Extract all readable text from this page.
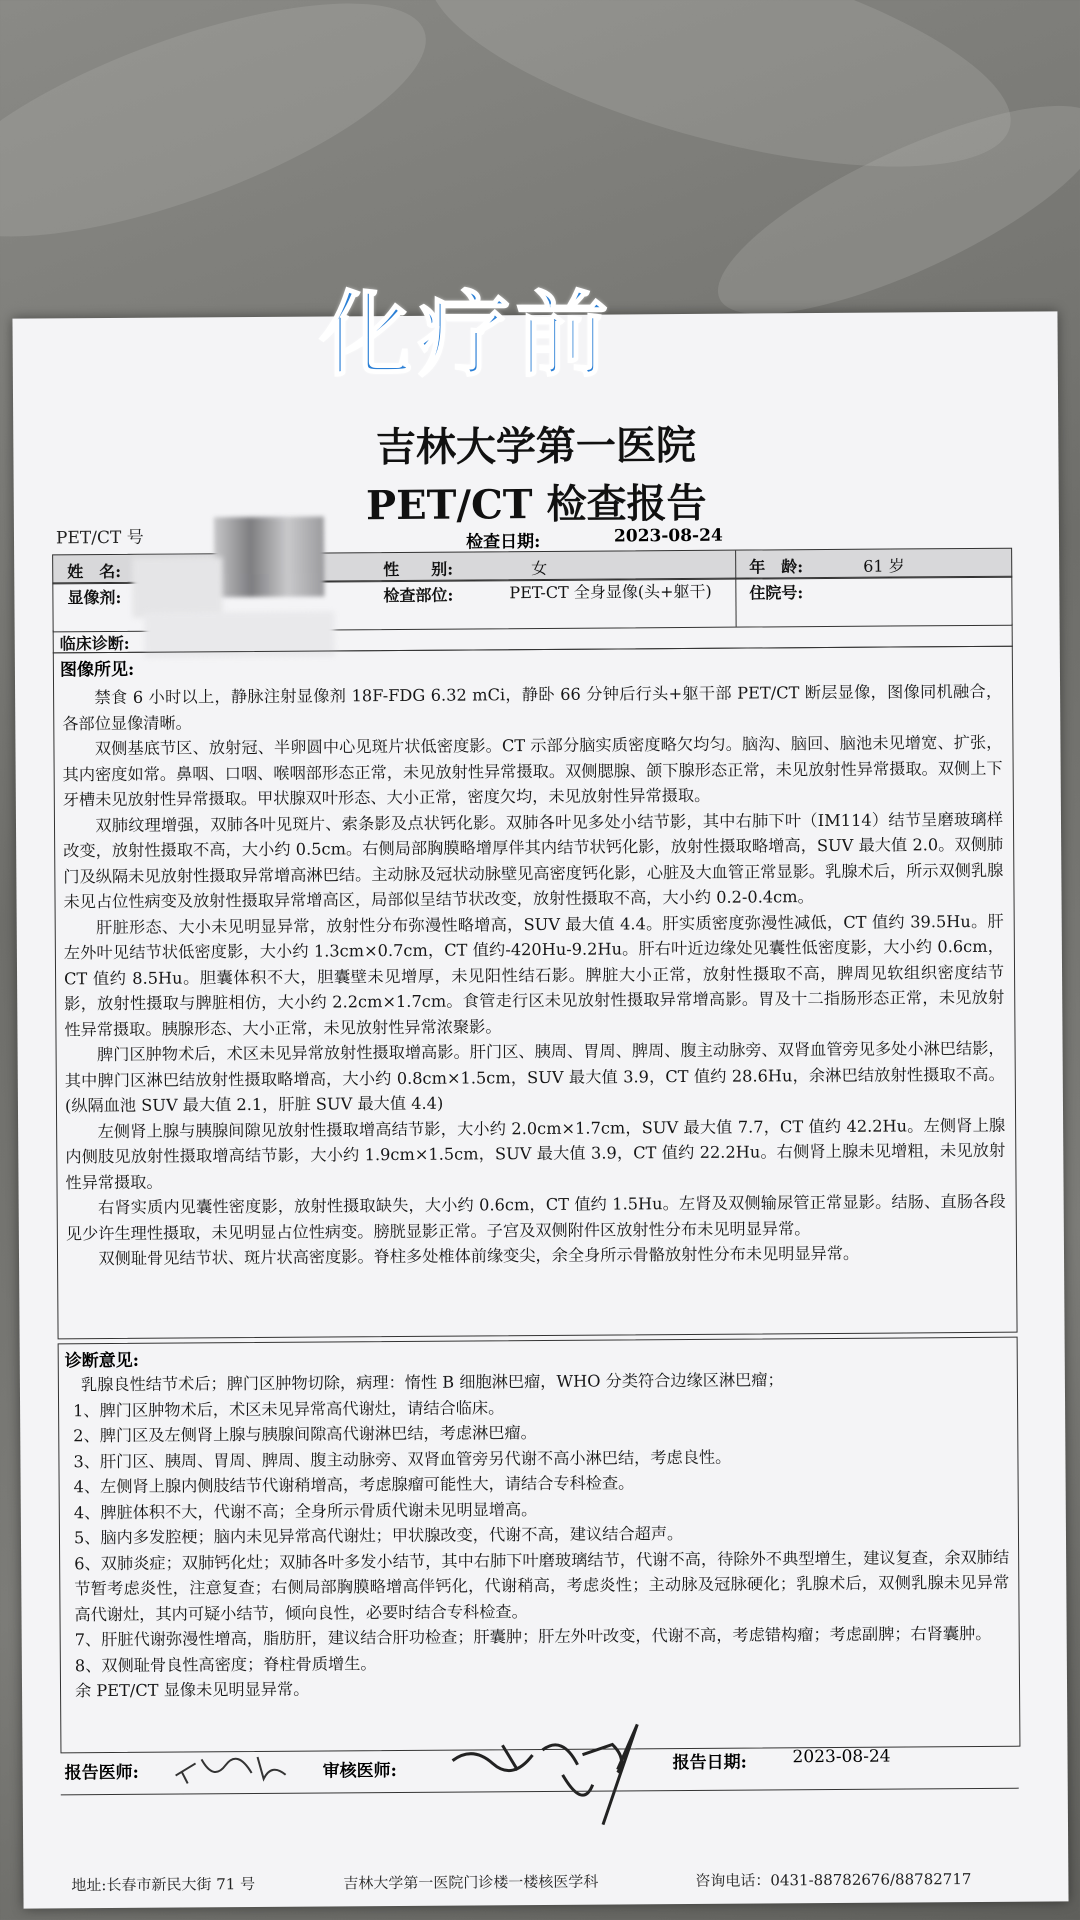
吉林大学第一医院
PET/CT 检查报告
PET/CT 号	检查日期:	2023-08-24
姓　名:	性　　别:	女	年　龄:	61 岁
显像剂:	检查部位:	PET-CT 全身显像(头+躯干)	住院号:
临床诊断:
图像所见:

禁食 6 小时以上，静脉注射显像剂 18F-FDG 6.32 mCi，静卧 66 分钟后行头+躯干部 PET/CT 断层显像，图像同机融合，各部位显像清晰。

双侧基底节区、放射冠、半卵圆中心见斑片状低密度影。CT 示部分脑实质密度略欠均匀。脑沟、脑回、脑池未见增宽、扩张，其内密度如常。鼻咽、口咽、喉咽部形态正常，未见放射性异常摄取。双侧腮腺、颌下腺形态正常，未见放射性异常摄取。双侧上下牙槽未见放射性异常摄取。甲状腺双叶形态、大小正常，密度欠均，未见放射性异常摄取。

双肺纹理增强，双肺各叶见斑片、索条影及点状钙化影。双肺各叶见多处小结节影，其中右肺下叶（IM114）结节呈磨玻璃样改变，放射性摄取不高，大小约 0.5cm。右侧局部胸膜略增厚伴其内结节状钙化影，放射性摄取略增高，SUV 最大值 2.0。双侧肺门及纵隔未见放射性摄取异常增高淋巴结。主动脉及冠状动脉壁见高密度钙化影，心脏及大血管正常显影。乳腺术后，所示双侧乳腺未见占位性病变及放射性摄取异常增高区，局部似呈结节状改变，放射性摄取不高，大小约 0.2-0.4cm。

肝脏形态、大小未见明显异常，放射性分布弥漫性略增高，SUV 最大值 4.4。肝实质密度弥漫性减低，CT 值约 39.5Hu。肝左外叶见结节状低密度影，大小约 1.3cm×0.7cm，CT 值约-420Hu-9.2Hu。肝右叶近边缘处见囊性低密度影，大小约 0.6cm，CT 值约 8.5Hu。胆囊体积不大，胆囊壁未见增厚，未见阳性结石影。脾脏大小正常，放射性摄取不高，脾周见软组织密度结节影，放射性摄取与脾脏相仿，大小约 2.2cm×1.7cm。食管走行区未见放射性摄取异常增高影。胃及十二指肠形态正常，未见放射性异常摄取。胰腺形态、大小正常，未见放射性异常浓聚影。

脾门区肿物术后，术区未见异常放射性摄取增高影。肝门区、胰周、胃周、脾周、腹主动脉旁、双肾血管旁见多处小淋巴结影，其中脾门区淋巴结放射性摄取略增高，大小约 0.8cm×1.5cm，SUV 最大值 3.9，CT 值约 28.6Hu，余淋巴结放射性摄取不高。(纵隔血池 SUV 最大值 2.1，肝脏 SUV 最大值 4.4)

左侧肾上腺与胰腺间隙见放射性摄取增高结节影，大小约 2.0cm×1.7cm，SUV 最大值 7.7，CT 值约 42.2Hu。左侧肾上腺内侧肢见放射性摄取增高结节影，大小约 1.9cm×1.5cm，SUV 最大值 3.9，CT 值约 22.2Hu。右侧肾上腺未见增粗，未见放射性异常摄取。

右肾实质内见囊性密度影，放射性摄取缺失，大小约 0.6cm，CT 值约 1.5Hu。左肾及双侧输尿管正常显影。结肠、直肠各段见少许生理性摄取，未见明显占位性病变。膀胱显影正常。子宫及双侧附件区放射性分布未见明显异常。

双侧耻骨见结节状、斑片状高密度影。脊柱多处椎体前缘变尖，余全身所示骨骼放射性分布未见明显异常。

诊断意见:

乳腺良性结节术后；脾门区肿物切除，病理：惰性 B 细胞淋巴瘤，WHO 分类符合边缘区淋巴瘤；

1、脾门区肿物术后，术区未见异常高代谢灶，请结合临床。

2、脾门区及左侧肾上腺与胰腺间隙高代谢淋巴结，考虑淋巴瘤。

3、肝门区、胰周、胃周、脾周、腹主动脉旁、双肾血管旁另代谢不高小淋巴结，考虑良性。

4、左侧肾上腺内侧肢结节代谢稍增高，考虑腺瘤可能性大，请结合专科检查。

4、脾脏体积不大，代谢不高；全身所示骨质代谢未见明显增高。

5、脑内多发腔梗；脑内未见异常高代谢灶；甲状腺改变，代谢不高，建议结合超声。

6、双肺炎症；双肺钙化灶；双肺各叶多发小结节，其中右肺下叶磨玻璃结节，代谢不高，待除外不典型增生，建议复查，余双肺结节暂考虑炎性，注意复查；右侧局部胸膜略增高伴钙化，代谢稍高，考虑炎性；主动脉及冠脉硬化；乳腺术后，双侧乳腺未见异常高代谢灶，其内可疑小结节，倾向良性，必要时结合专科检查。

7、肝脏代谢弥漫性增高，脂肪肝，建议结合肝功检查；肝囊肿；肝左外叶改变，代谢不高，考虑错构瘤；考虑副脾；右肾囊肿。

8、双侧耻骨良性高密度；脊柱骨质增生。

余 PET/CT 显像未见明显异常。

报告医师:	审核医师:	报告日期:	2023-08-24
地址:长春市新民大街 71 号	吉林大学第一医院门诊楼一楼核医学科	咨询电话：0431-88782676/88782717
化疗前
